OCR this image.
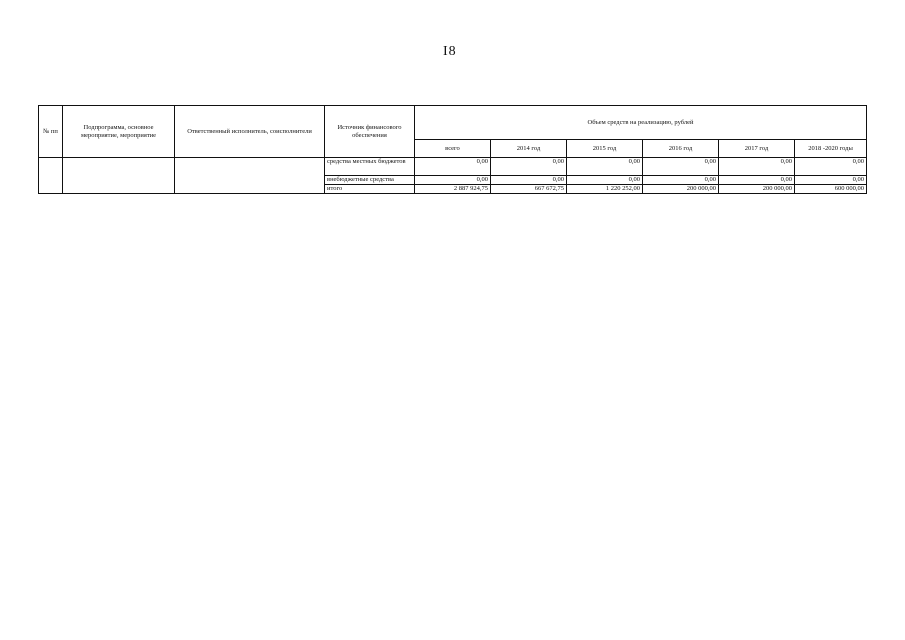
I8
№ пп	Подпрограмма, основное мероприятие, мероприятие	Ответственный исполнитель, соисполнители	Источник финансового обеспечения	Объем средств на реализацию, рублей					
				всего	2014 год	2015 год	2016 год	2017 год	2018 -2020 годы
			средства местных бюджетов	0,00	0,00	0,00	0,00	0,00	0,00
			внебюджетные средства	0,00	0,00	0,00	0,00	0,00	0,00
			итого	2 887 924,75	667 672,75	1 220 252,00	200 000,00	200 000,00	600 000,00
